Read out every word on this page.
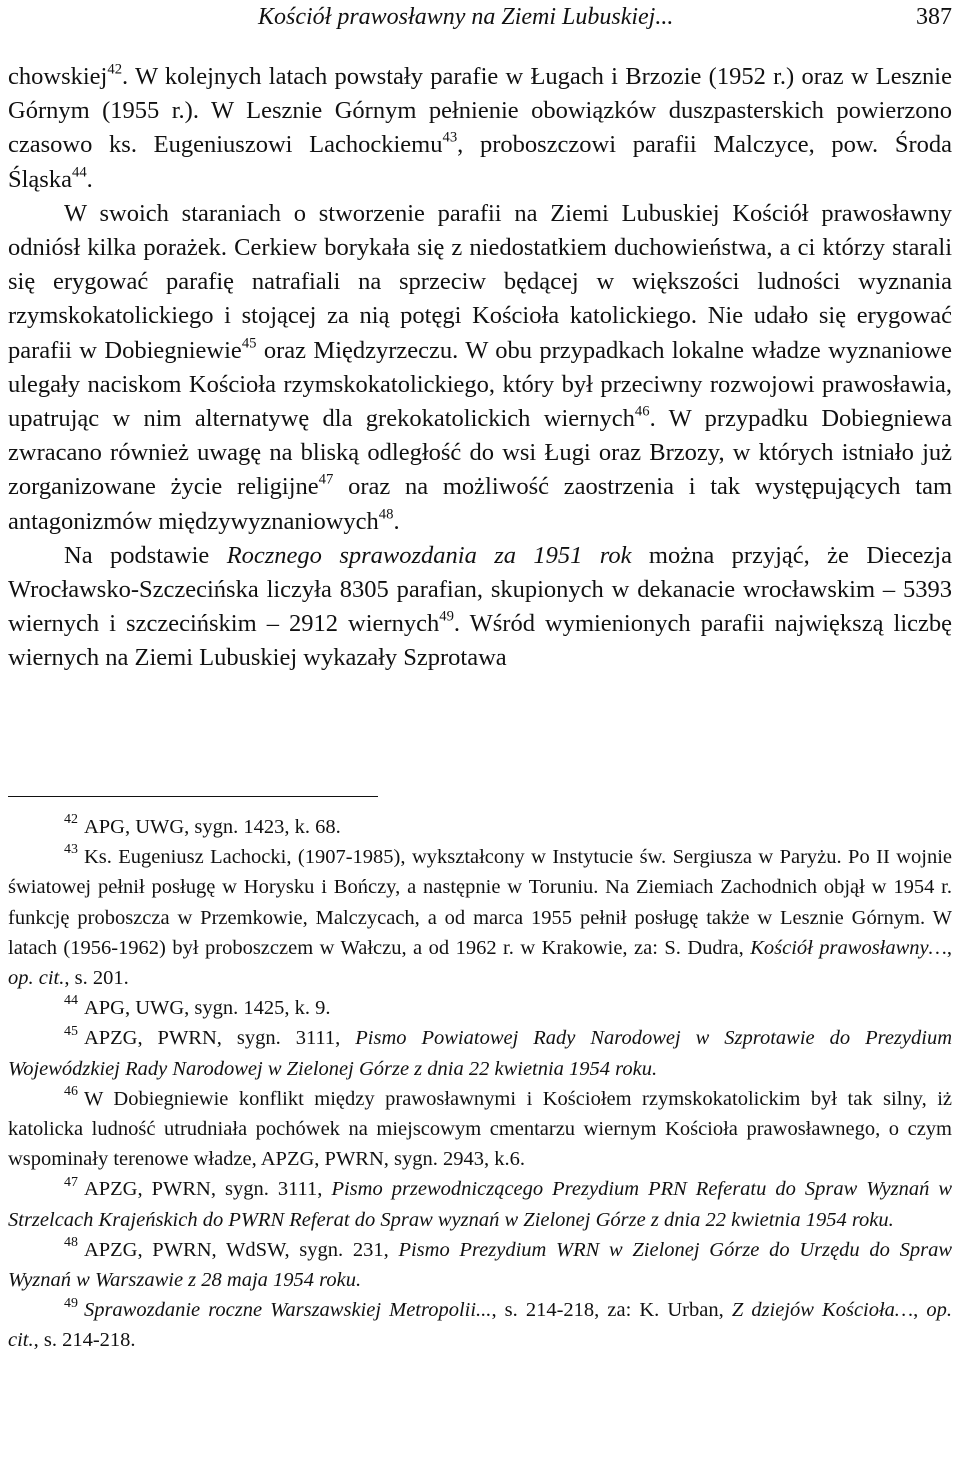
Kościół prawosławny na Ziemi Lubuskiej...	387

chowskiej$^{42}$. W kolejnych latach powstały parafie w Ługach i Brzozie (1952 r.) oraz w Lesznie Górnym (1955 r.). W Lesznie Górnym pełnienie obowiązków duszpasterskich powierzono czasowo ks. Eugeniuszowi Lachockiemu$^{43}$, proboszczowi parafii Malczyce, pow. Środa Śląska$^{44}$.

W swoich staraniach o stworzenie parafii na Ziemi Lubuskiej Kościół prawosławny odniósł kilka porażek. Cerkiew borykała się z niedostatkiem duchowieństwa, a ci którzy starali się erygować parafię natrafiali na sprzeciw będącej w większości ludności wyznania rzymskokatolickiego i stojącej za nią potęgi Kościoła katolickiego. Nie udało się erygować parafii w Dobiegniewie$^{45}$ oraz Międzyrzeczu. W obu przypadkach lokalne władze wyznaniowe ulegały naciskom Kościoła rzymskokatolickiego, który był przeciwny rozwojowi prawosławia, upatrując w nim alternatywę dla grekokatolickich wiernych$^{46}$. W przypadku Dobiegniewa zwracano również uwagę na bliską odległość do wsi Ługi oraz Brzozy, w których istniało już zorganizowane życie religijne$^{47}$ oraz na możliwość zaostrzenia i tak występujących tam antagonizmów międzywyznaniowych$^{48}$.

Na podstawie Rocznego sprawozdania za 1951 rok można przyjąć, że Diecezja Wrocławsko-Szczecińska liczyła 8305 parafian, skupionych w dekanacie wrocławskim – 5393 wiernych i szczecińskim – 2912 wiernych$^{49}$. Wśród wymienionych parafii największą liczbę wiernych na Ziemi Lubuskiej wykazały Szprotawa

$^{42}$ APG, UWG, sygn. 1423, k. 68.

$^{43}$ Ks. Eugeniusz Lachocki, (1907-1985), wykształcony w Instytucie św. Sergiusza w Paryżu. Po II wojnie światowej pełnił posługę w Horysku i Bończy, a następnie w Toruniu. Na Ziemiach Zachodnich objął w 1954 r. funkcję proboszcza w Przemkowie, Malczycach, a od marca 1955 pełnił posługę także w Lesznie Górnym. W latach (1956-1962) był proboszczem w Wałczu, a od 1962 r. w Krakowie, za: S. Dudra, Kościół prawosławny…, op. cit., s. 201.

$^{44}$ APG, UWG, sygn. 1425, k. 9.

$^{45}$ APZG, PWRN, sygn. 3111, Pismo Powiatowej Rady Narodowej w Szprotawie do Prezydium Wojewódzkiej Rady Narodowej w Zielonej Górze z dnia 22 kwietnia 1954 roku.

$^{46}$ W Dobiegniewie konflikt między prawosławnymi i Kościołem rzymskokatolickim był tak silny, iż katolicka ludność utrudniała pochówek na miejscowym cmentarzu wiernym Kościoła prawosławnego, o czym wspominały terenowe władze, APZG, PWRN, sygn. 2943, k.6.

$^{47}$ APZG, PWRN, sygn. 3111, Pismo przewodniczącego Prezydium PRN Referatu do Spraw Wyznań w Strzelcach Krajeńskich do PWRN Referat do Spraw wyznań w Zielonej Górze z dnia 22 kwietnia 1954 roku.

$^{48}$ APZG, PWRN, WdSW, sygn. 231, Pismo Prezydium WRN w Zielonej Górze do Urzędu do Spraw Wyznań w Warszawie z 28 maja 1954 roku.

$^{49}$ Sprawozdanie roczne Warszawskiej Metropolii..., s. 214-218, za: K. Urban, Z dziejów Kościoła…, op. cit., s. 214-218.
